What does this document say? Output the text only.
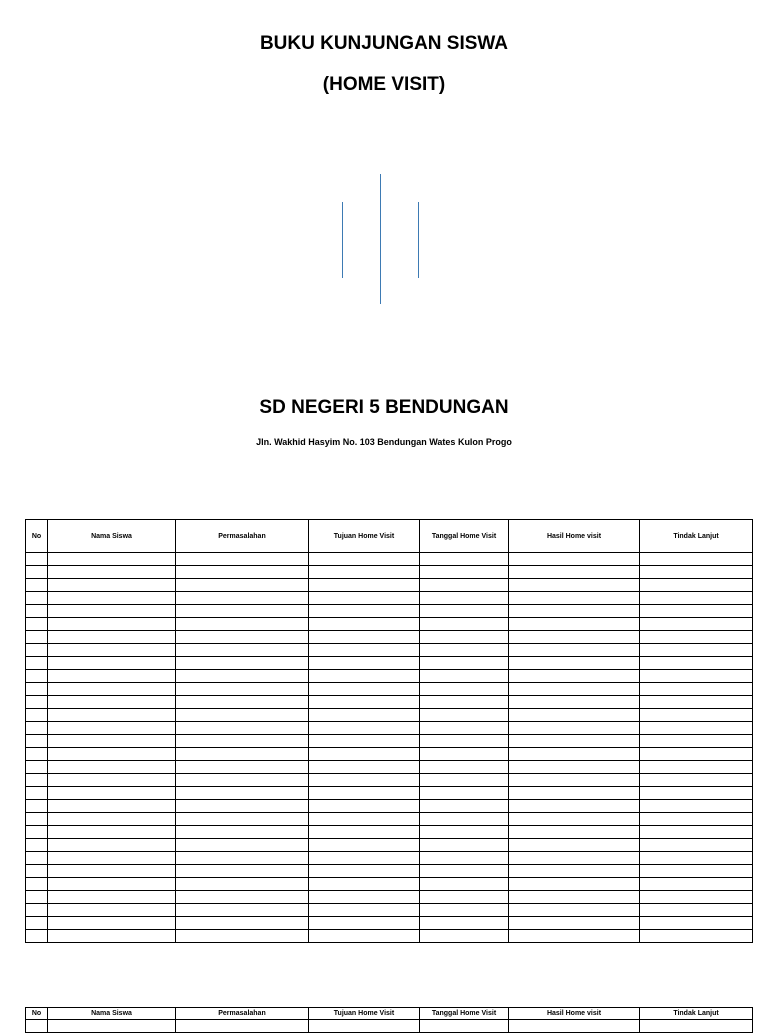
BUKU KUNJUNGAN SISWA
(HOME VISIT)
SD NEGERI 5 BENDUNGAN
Jln. Wakhid Hasyim No. 103 Bendungan Wates Kulon Progo
No	Nama Siswa	Permasalahan	Tujuan Home Visit	Tanggal Home Visit	Hasil Home visit	Tindak Lanjut

No	Nama Siswa	Permasalahan	Tujuan Home Visit	Tanggal Home Visit	Hasil Home visit	Tindak Lanjut
